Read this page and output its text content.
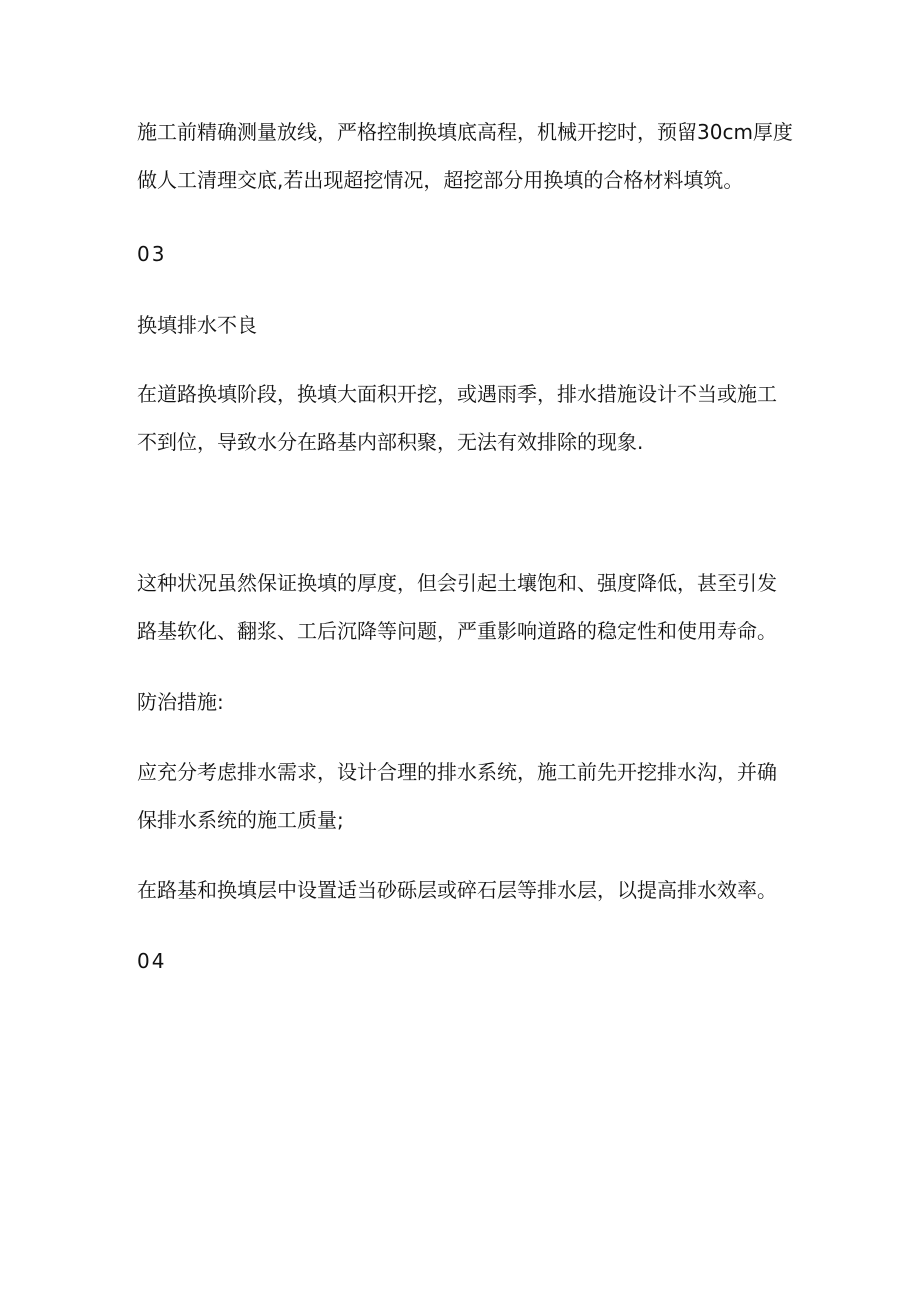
施工前精确测量放线，严格控制换填底高程，机械开挖时，预留30cm厚度
做人工清理交底,若出现超挖情况，超挖部分用换填的合格材料填筑。
03
换填排水不良
在道路换填阶段，换填大面积开挖，或遇雨季，排水措施设计不当或施工
不到位，导致水分在路基内部积聚，无法有效排除的现象.
这种状况虽然保证换填的厚度，但会引起土壤饱和、强度降低，甚至引发
路基软化、翻浆、工后沉降等问题，严重影响道路的稳定性和使用寿命。
防治措施:
应充分考虑排水需求，设计合理的排水系统，施工前先开挖排水沟，并确
保排水系统的施工质量;
在路基和换填层中设置适当砂砾层或碎石层等排水层，以提高排水效率。
04
